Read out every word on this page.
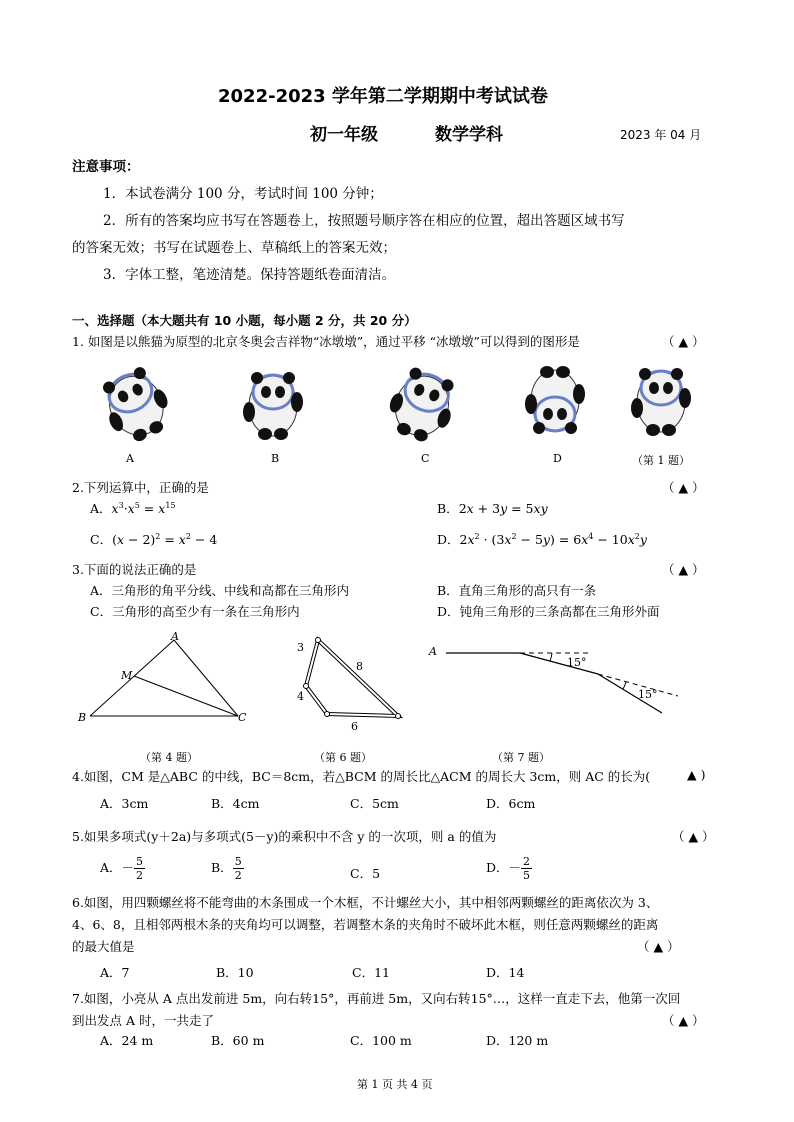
2022-2023 学年第二学期期中考试试卷
初一年级	数学学科	2023 年 04 月
注意事项：
1．本试卷满分 100 分，考试时间 100 分钟；
2．所有的答案均应书写在答题卷上，按照题号顺序答在相应的位置，超出答题区域书写
的答案无效；书写在试题卷上、草稿纸上的答案无效；
3．字体工整，笔迹清楚。保持答题纸卷面清洁。
一、选择题（本大题共有 10 小题，每小题 2 分，共 20 分）
1. 如图是以熊猫为原型的北京冬奥会吉祥物“冰墩墩”，通过平移 “冰墩墩”可以得到的图形是	（ ▲ ）
A	B	C	D	（第 1 题）
2.下列运算中，正确的是	（ ▲ ）
A．$x^3\cdot x^5 = x^{15}$	B．2x + 3y = 5xy
C．$(x - 2)^2 = x^2 - 4$	D．$2x^2 \cdot (3x^2 - 5y) = 6x^4 - 10x^2y$
3.下面的说法正确的是	（ ▲ ）
A．三角形的角平分线、中线和高都在三角形内	B．直角三角形的高只有一条
C．三角形的高至少有一条在三角形内	D．钝角三角形的三条高都在三角形外面
A
M
B	C
（第 4 题）
3
8
4
6
（第 6 题）
A
15°
15°
（第 7 题）
4.如图，CM 是△ABC 的中线，BC＝8cm，若△BCM 的周长比△ACM 的周长大 3cm，则 AC 的长为(	▲ )
A．3cm	B．4cm	C．5cm	D．6cm
5.如果多项式(y＋2a)与多项式(5－y)的乘积中不含 y 的一次项，则 a 的值为	（ ▲ ）
A．－ $\frac{5}{2}$	B． $\frac{5}{2}$	C．5	D．－ $\frac{2}{5}$
6.如图，用四颗螺丝将不能弯曲的木条围成一个木框，不计螺丝大小，其中相邻两颗螺丝的距离依次为 3、
4、6、8，且相邻两根木条的夹角均可以调整，若调整木条的夹角时不破坏此木框，则任意两颗螺丝的距离
的最大值是	（ ▲ ）
A．7	B．10	C．11	D．14
7.如图，小亮从 A 点出发前进 5m，向右转15°，再前进 5m，又向右转15°…，这样一直走下去，他第一次回
到出发点 A 时，一共走了	（ ▲ ）
A．24 m	B．60 m	C．100 m	D．120 m
第 1 页 共 4 页
